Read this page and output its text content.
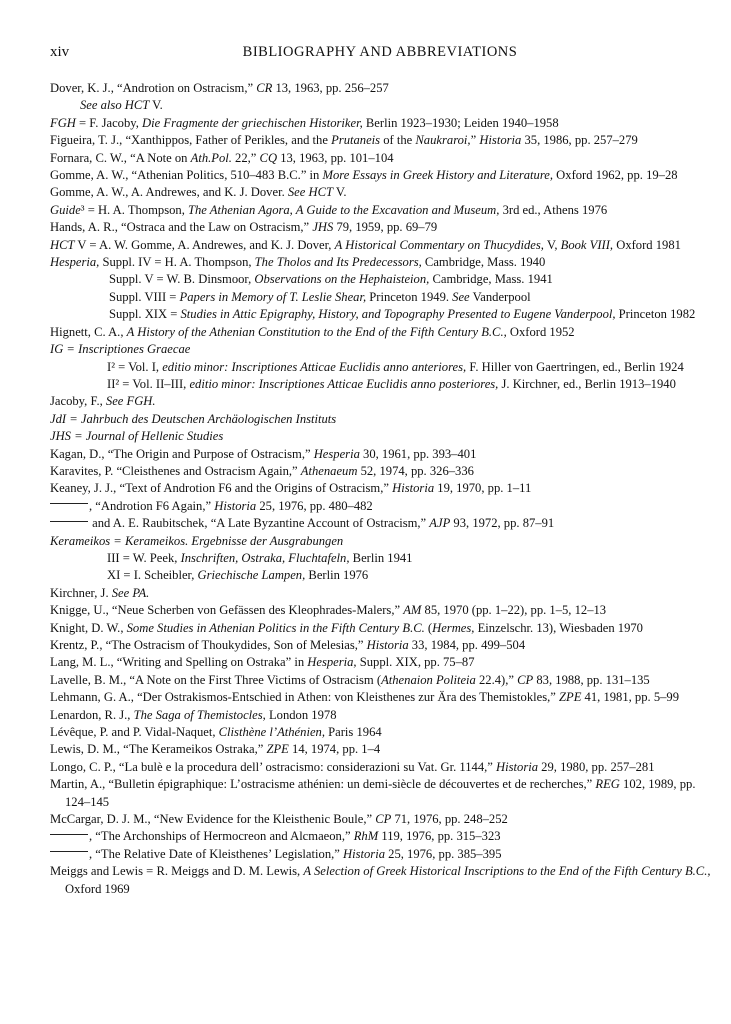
xiv	BIBLIOGRAPHY AND ABBREVIATIONS
Dover, K. J., “Androtion on Ostracism,” CR 13, 1963, pp. 256–257
See also HCT V.
FGH = F. Jacoby, Die Fragmente der griechischen Historiker, Berlin 1923–1930; Leiden 1940–1958
Figueira, T. J., “Xanthippos, Father of Perikles, and the Prutaneis of the Naukraroi,” Historia 35, 1986, pp. 257–279
Fornara, C. W., “A Note on Ath.Pol. 22,” CQ 13, 1963, pp. 101–104
Gomme, A. W., “Athenian Politics, 510–483 B.C.” in More Essays in Greek History and Literature, Oxford 1962, pp. 19–28
Gomme, A. W., A. Andrewes, and K. J. Dover. See HCT V.
Guide³ = H. A. Thompson, The Athenian Agora, A Guide to the Excavation and Museum, 3rd ed., Athens 1976
Hands, A. R., “Ostraca and the Law on Ostracism,” JHS 79, 1959, pp. 69–79
HCT V = A. W. Gomme, A. Andrewes, and K. J. Dover, A Historical Commentary on Thucydides, V, Book VIII, Oxford 1981
Hesperia, Suppl. IV = H. A. Thompson, The Tholos and Its Predecessors, Cambridge, Mass. 1940
Suppl. V = W. B. Dinsmoor, Observations on the Hephaisteion, Cambridge, Mass. 1941
Suppl. VIII = Papers in Memory of T. Leslie Shear, Princeton 1949. See Vanderpool
Suppl. XIX = Studies in Attic Epigraphy, History, and Topography Presented to Eugene Vanderpool, Princeton 1982
Hignett, C. A., A History of the Athenian Constitution to the End of the Fifth Century B.C., Oxford 1952
IG = Inscriptiones Graecae
I² = Vol. I, editio minor: Inscriptiones Atticae Euclidis anno anteriores, F. Hiller von Gaertringen, ed., Berlin 1924
II² = Vol. II–III, editio minor: Inscriptiones Atticae Euclidis anno posteriores, J. Kirchner, ed., Berlin 1913–1940
Jacoby, F., See FGH.
JdI = Jahrbuch des Deutschen Archäologischen Instituts
JHS = Journal of Hellenic Studies
Kagan, D., “The Origin and Purpose of Ostracism,” Hesperia 30, 1961, pp. 393–401
Karavites, P. “Cleisthenes and Ostracism Again,” Athenaeum 52, 1974, pp. 326–336
Keaney, J. J., “Text of Androtion F6 and the Origins of Ostracism,” Historia 19, 1970, pp. 1–11
, “Androtion F6 Again,” Historia 25, 1976, pp. 480–482
and A. E. Raubitschek, “A Late Byzantine Account of Ostracism,” AJP 93, 1972, pp. 87–91
Kerameikos = Kerameikos. Ergebnisse der Ausgrabungen
III = W. Peek, Inschriften, Ostraka, Fluchtafeln, Berlin 1941
XI = I. Scheibler, Griechische Lampen, Berlin 1976
Kirchner, J. See PA.
Knigge, U., “Neue Scherben von Gefässen des Kleophrades-Malers,” AM 85, 1970 (pp. 1–22), pp. 1–5, 12–13
Knight, D. W., Some Studies in Athenian Politics in the Fifth Century B.C. (Hermes, Einzelschr. 13), Wiesbaden 1970
Krentz, P., “The Ostracism of Thoukydides, Son of Melesias,” Historia 33, 1984, pp. 499–504
Lang, M. L., “Writing and Spelling on Ostraka” in Hesperia, Suppl. XIX, pp. 75–87
Lavelle, B. M., “A Note on the First Three Victims of Ostracism (Athenaion Politeia 22.4),” CP 83, 1988, pp. 131–135
Lehmann, G. A., “Der Ostrakismos-Entschied in Athen: von Kleisthenes zur Ära des Themistokles,” ZPE 41, 1981, pp. 5–99
Lenardon, R. J., The Saga of Themistocles, London 1978
Lévêque, P. and P. Vidal-Naquet, Clisthène l’Athénien, Paris 1964
Lewis, D. M., “The Kerameikos Ostraka,” ZPE 14, 1974, pp. 1–4
Longo, C. P., “La bulè e la procedura dell’ ostracismo: considerazioni su Vat. Gr. 1144,” Historia 29, 1980, pp. 257–281
Martin, A., “Bulletin épigraphique: L’ostracisme athénien: un demi-siècle de découvertes et de recherches,” REG 102, 1989, pp. 124–145
McCargar, D. J. M., “New Evidence for the Kleisthenic Boule,” CP 71, 1976, pp. 248–252
, “The Archonships of Hermocreon and Alcmaeon,” RhM 119, 1976, pp. 315–323
, “The Relative Date of Kleisthenes’ Legislation,” Historia 25, 1976, pp. 385–395
Meiggs and Lewis = R. Meiggs and D. M. Lewis, A Selection of Greek Historical Inscriptions to the End of the Fifth Century B.C., Oxford 1969
